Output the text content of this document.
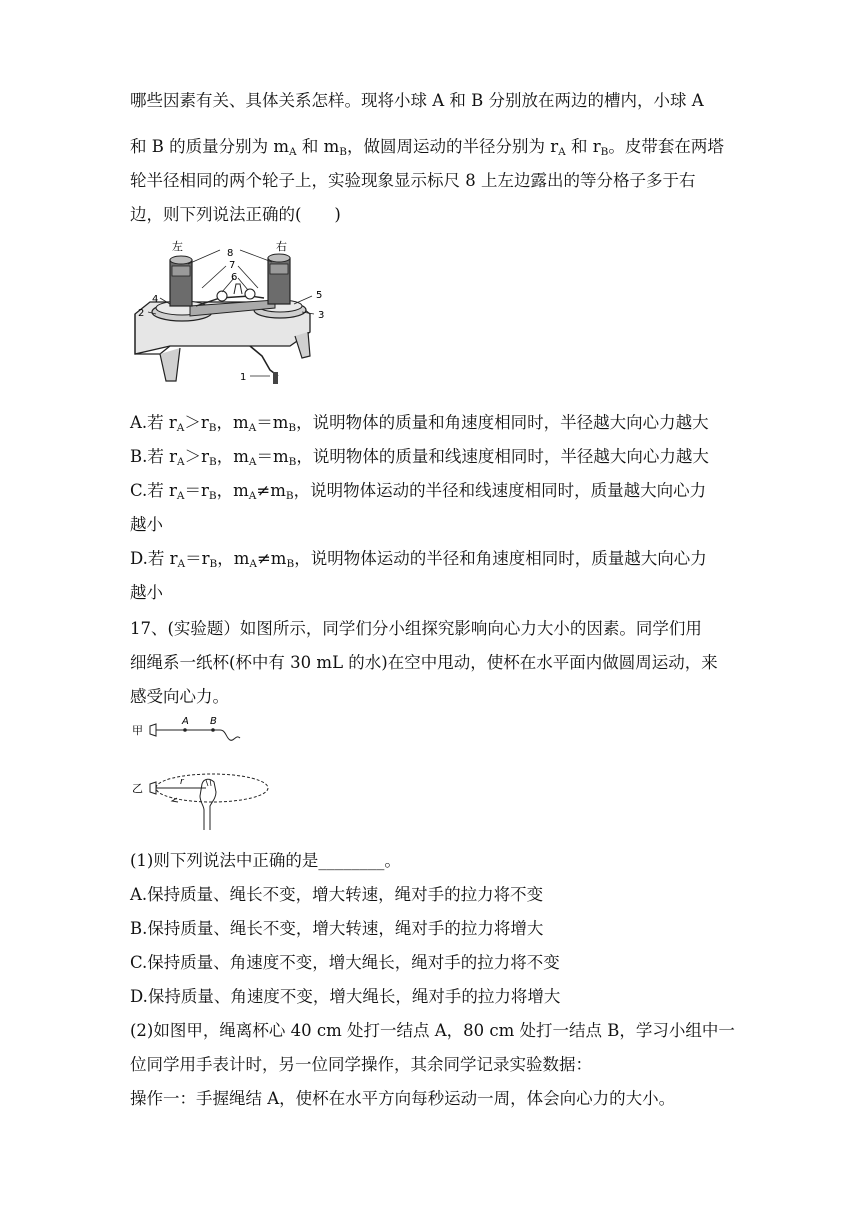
哪些因素有关、具体关系怎样。现将小球 A 和 B 分别放在两边的槽内，小球 A
和 B 的质量分别为 $m_A$ 和 $m_B$，做圆周运动的半径分别为 $r_A$ 和 $r_B$。皮带套在两塔
轮半径相同的两个轮子上，实验现象显示标尺 8 上左边露出的等分格子多于右
边，则下列说法正确的(　　)
左	右
8
7
6
5
4
3
2
1
A.若 $r_A>r_B$，$m_A=m_B$，说明物体的质量和角速度相同时，半径越大向心力越大
B.若 $r_A>r_B$，$m_A=m_B$，说明物体的质量和线速度相同时，半径越大向心力越大
C.若 $r_A=r_B$，$m_A\ne m_B$，说明物体运动的半径和线速度相同时，质量越大向心力
越小
D.若 $r_A=r_B$，$m_A\ne m_B$，说明物体运动的半径和角速度相同时，质量越大向心力
越小
17、(实验题）如图所示，同学们分小组探究影响向心力大小的因素。同学们用
细绳系一纸杯(杯中有 30 mL 的水)在空中甩动，使杯在水平面内做圆周运动，来
感受向心力。
甲
A B
乙	r
(1)则下列说法中正确的是________。
A.保持质量、绳长不变，增大转速，绳对手的拉力将不变
B.保持质量、绳长不变，增大转速，绳对手的拉力将增大
C.保持质量、角速度不变，增大绳长，绳对手的拉力将不变
D.保持质量、角速度不变，增大绳长，绳对手的拉力将增大
(2)如图甲，绳离杯心 40 cm 处打一结点 A，80 cm 处打一结点 B，学习小组中一
位同学用手表计时，另一位同学操作，其余同学记录实验数据：
操作一：手握绳结 A，使杯在水平方向每秒运动一周，体会向心力的大小。
